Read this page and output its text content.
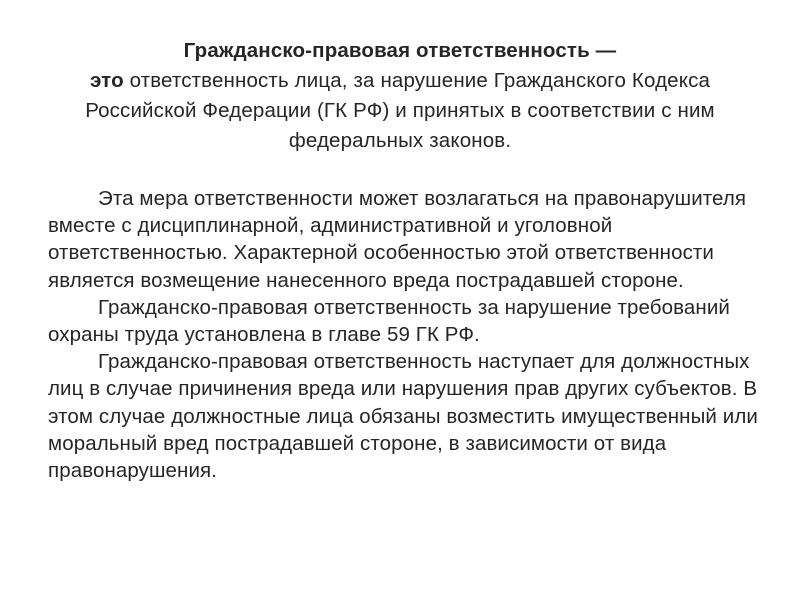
Гражданско-правовая ответственность —
это ответственность лица, за нарушение Гражданского Кодекса Российской Федерации (ГК РФ) и принятых в соответствии с ним федеральных законов.

Эта мера ответственности может возлагаться на правонарушителя вместе с дисциплинарной, административной и уголовной ответственностью. Характерной особенностью этой ответственности является возмещение нанесенного вреда пострадавшей стороне.

Гражданско-правовая ответственность за нарушение требований охраны труда установлена в главе 59 ГК РФ.

Гражданско-правовая ответственность наступает для должностных лиц в случае причинения вреда или нарушения прав других субъектов. В этом случае должностные лица обязаны возместить имущественный или моральный вред пострадавшей стороне, в зависимости от вида правонарушения.
